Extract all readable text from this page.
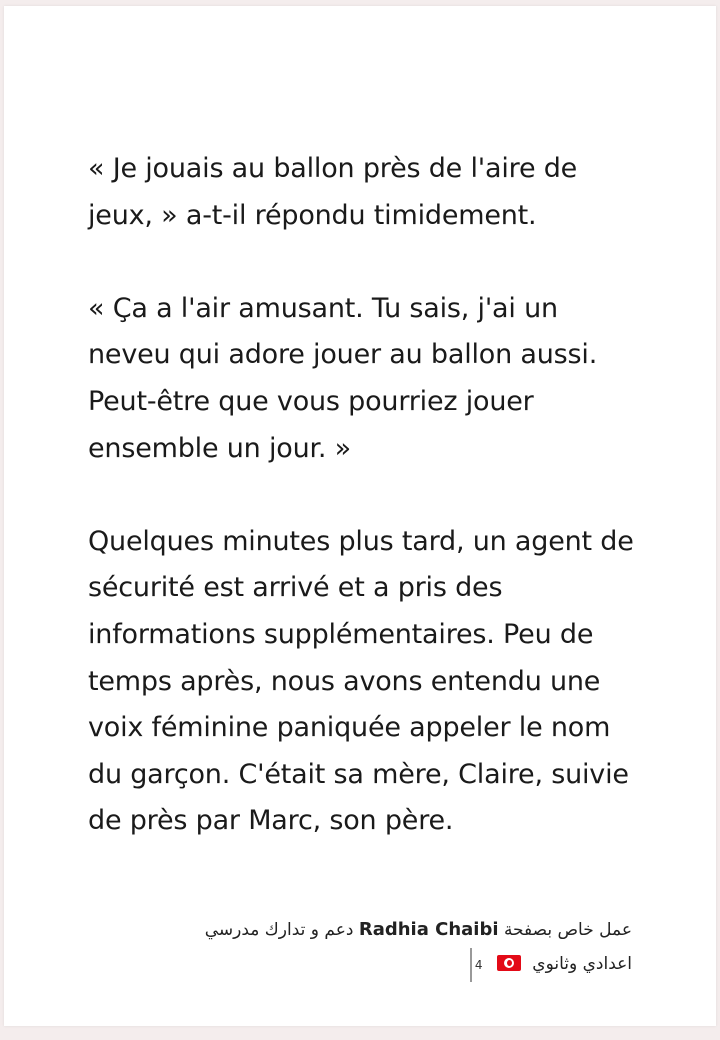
« Je jouais au ballon près de l'aire de
jeux, » a-t-il répondu timidement.

« Ça a l'air amusant. Tu sais, j'ai un
neveu qui adore jouer au ballon aussi.
Peut-être que vous pourriez jouer
ensemble un jour. »

Quelques minutes plus tard, un agent de
sécurité est arrivé et a pris des
informations supplémentaires. Peu de
temps après, nous avons entendu une
voix féminine paniquée appeler le nom
du garçon. C'était sa mère, Claire, suivie
de près par Marc, son père.

عمل خاص بصفحة Radhia Chaibi دعم و تدارك مدرسي
اعدادي وثانوي  4
